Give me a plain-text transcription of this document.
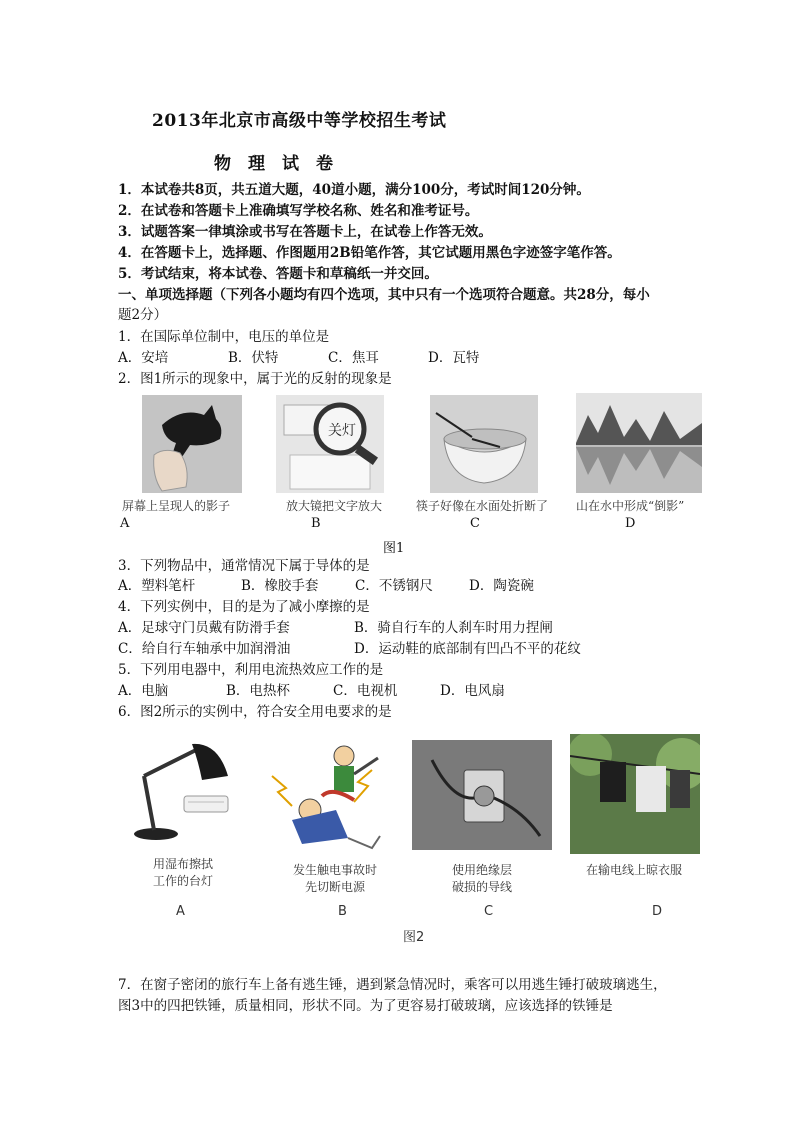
2013年北京市高级中等学校招生考试
物　理　试　卷
1．本试卷共8页，共五道大题，40道小题，满分100分，考试时间120分钟。
2．在试卷和答题卡上准确填写学校名称、姓名和准考证号。
3．试题答案一律填涂或书写在答题卡上，在试卷上作答无效。
4．在答题卡上，选择题、作图题用2B铅笔作答，其它试题用黑色字迹签字笔作答。
5．考试结束，将本试卷、答题卡和草稿纸一并交回。
一、单项选择题（下列各小题均有四个选项，其中只有一个选项符合题意。共28分，每小
题2分）
1．在国际单位制中，电压的单位是
A．安培	B．伏特	C．焦耳	D．瓦特
2．图1所示的现象中，属于光的反射的现象是
关灯
屏幕上呈现人的影子	放大镜把文字放大	筷子好像在水面处折断了 山在水中形成“倒影”
A	B	C	D
图1
3．下列物品中，通常情况下属于导体的是
A．塑料笔杆	B．橡胶手套	C．不锈钢尺	D．陶瓷碗
4．下列实例中，目的是为了减小摩擦的是
A．足球守门员戴有防滑手套	B．骑自行车的人刹车时用力捏闸
C．给自行车轴承中加润滑油	D．运动鞋的底部制有凹凸不平的花纹
5．下列用电器中，利用电流热效应工作的是
A．电脑	B．电热杯	C．电视机	D．电风扇
6．图2所示的实例中，符合安全用电要求的是
用湿布擦拭
工作的台灯
发生触电事故时
先切断电源
使用绝缘层
破损的导线
在输电线上晾衣服
A	B	C	D
图2
7．在窗子密闭的旅行车上备有逃生锤，遇到紧急情况时，乘客可以用逃生锤打破玻璃逃生，
图3中的四把铁锤，质量相同，形状不同。为了更容易打破玻璃，应该选择的铁锤是
